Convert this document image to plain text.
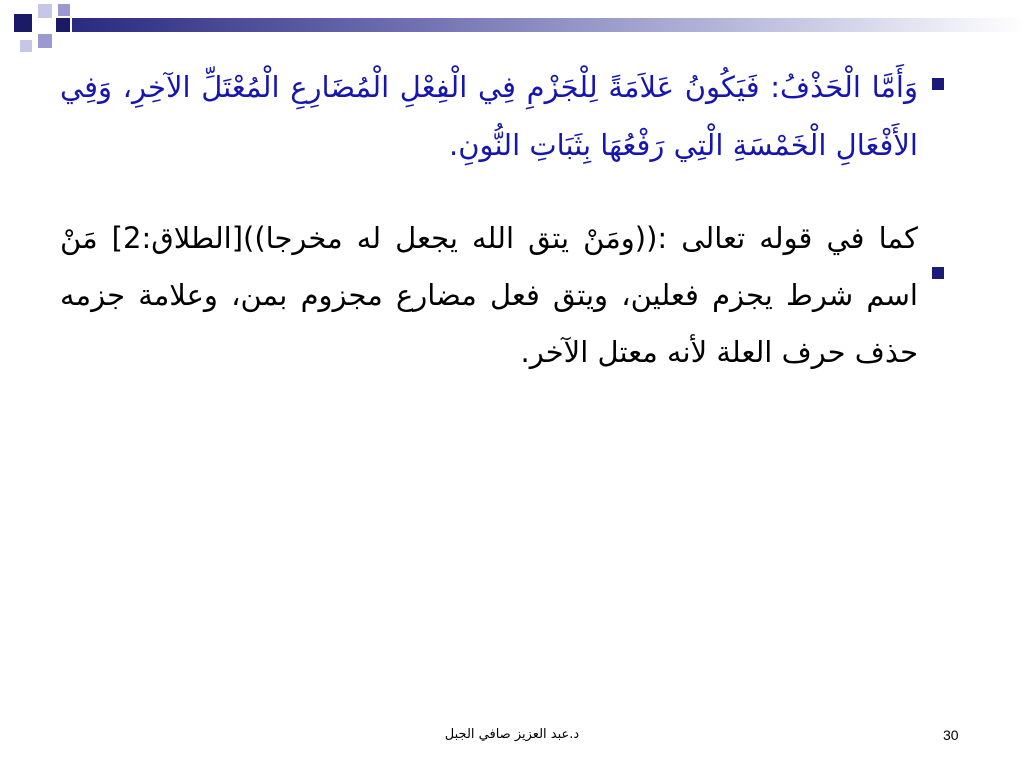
وَأَمَّا الْحَذْفُ: فَيَكُونُ عَلاَمَةً لِلْجَزْمِ فِي الْفِعْلِ الْمُضَارِعِ الْمُعْتَلِّ الآخِرِ، وَفِي الأَفْعَالِ الْخَمْسَةِ الْتِي رَفْعُهَا بِثَبَاتِ النُّونِ.
كما في قوله تعالى :((ومَنْ يتق الله يجعل له مخرجا))[الطلاق:2] مَنْ اسم شرط يجزم فعلين، ويتق فعل مضارع مجزوم بمن، وعلامة جزمه حذف حرف العلة لأنه معتل الآخر.
د.عبد العزيز صافي الجبل	30
